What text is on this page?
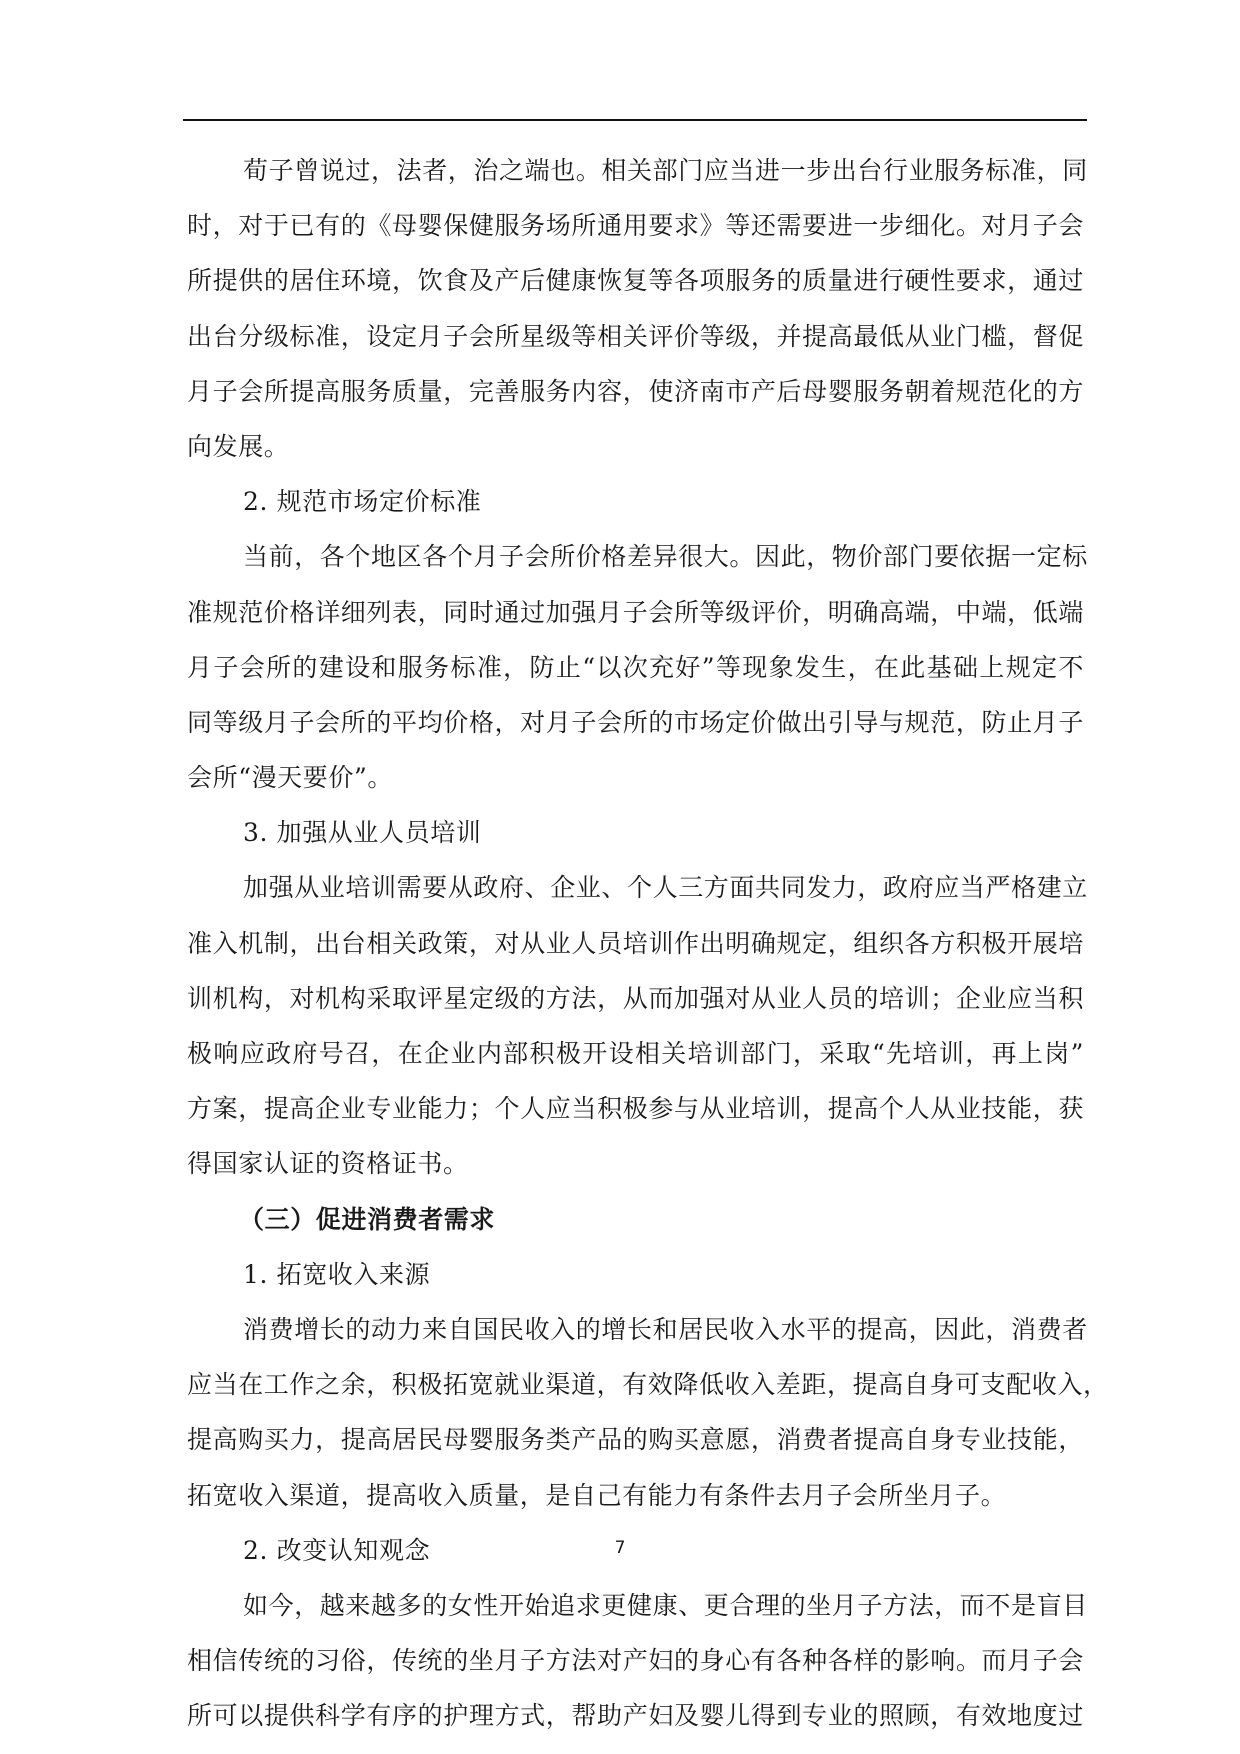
荀子曾说过，法者，治之端也。相关部门应当进一步出台行业服务标准，同
时，对于已有的《母婴保健服务场所通用要求》等还需要进一步细化。对月子会
所提供的居住环境，饮食及产后健康恢复等各项服务的质量进行硬性要求，通过
出台分级标准，设定月子会所星级等相关评价等级，并提高最低从业门槛，督促
月子会所提高服务质量，完善服务内容，使济南市产后母婴服务朝着规范化的方
向发展。
2. 规范市场定价标准
当前，各个地区各个月子会所价格差异很大。因此，物价部门要依据一定标
准规范价格详细列表，同时通过加强月子会所等级评价，明确高端，中端，低端
月子会所的建设和服务标准，防止“以次充好”等现象发生，在此基础上规定不
同等级月子会所的平均价格，对月子会所的市场定价做出引导与规范，防止月子
会所“漫天要价”。
3. 加强从业人员培训
加强从业培训需要从政府、企业、个人三方面共同发力，政府应当严格建立
准入机制，出台相关政策，对从业人员培训作出明确规定，组织各方积极开展培
训机构，对机构采取评星定级的方法，从而加强对从业人员的培训；企业应当积
极响应政府号召，在企业内部积极开设相关培训部门，采取“先培训，再上岗”
方案，提高企业专业能力；个人应当积极参与从业培训，提高个人从业技能，获
得国家认证的资格证书。
（三）促进消费者需求
1. 拓宽收入来源
消费增长的动力来自国民收入的增长和居民收入水平的提高，因此，消费者
应当在工作之余，积极拓宽就业渠道，有效降低收入差距，提高自身可支配收入，
提高购买力，提高居民母婴服务类产品的购买意愿，消费者提高自身专业技能，
拓宽收入渠道，提高收入质量，是自己有能力有条件去月子会所坐月子。
2. 改变认知观念
如今，越来越多的女性开始追求更健康、更合理的坐月子方法，而不是盲目
相信传统的习俗，传统的坐月子方法对产妇的身心有各种各样的影响。而月子会
所可以提供科学有序的护理方式，帮助产妇及婴儿得到专业的照顾，有效地度过
7
